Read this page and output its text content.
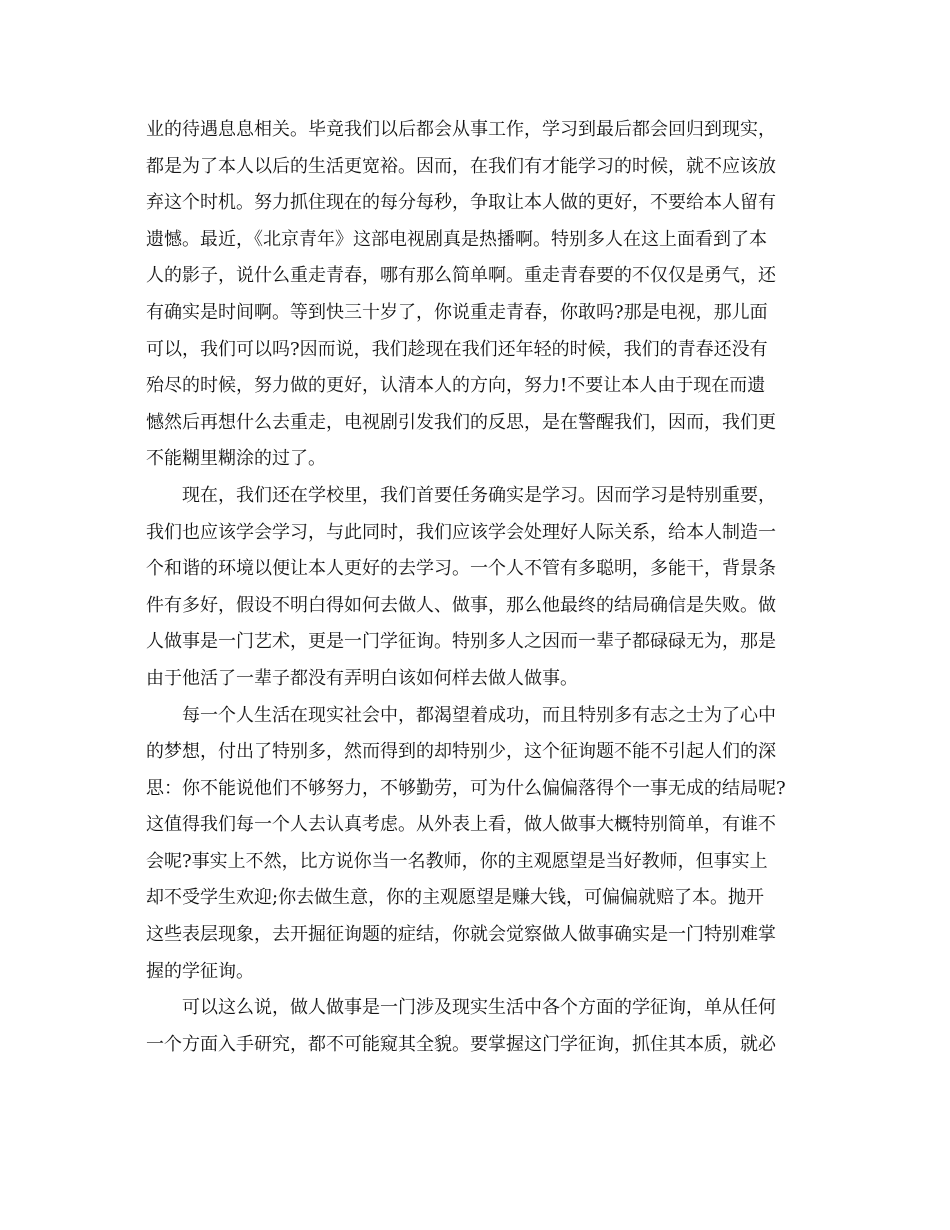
业的待遇息息相关。毕竟我们以后都会从事工作，学习到最后都会回归到现实，
都是为了本人以后的生活更宽裕。因而，在我们有才能学习的时候，就不应该放
弃这个时机。努力抓住现在的每分每秒，争取让本人做的更好，不要给本人留有
遗憾。最近，《北京青年》这部电视剧真是热播啊。特别多人在这上面看到了本
人的影子，说什么重走青春，哪有那么简单啊。重走青春要的不仅仅是勇气，还
有确实是时间啊。等到快三十岁了，你说重走青春，你敢吗?那是电视，那儿面
可以，我们可以吗?因而说，我们趁现在我们还年轻的时候，我们的青春还没有
殆尽的时候，努力做的更好，认清本人的方向，努力!不要让本人由于现在而遗
憾然后再想什么去重走，电视剧引发我们的反思，是在警醒我们，因而，我们更
不能糊里糊涂的过了。
现在，我们还在学校里，我们首要任务确实是学习。因而学习是特别重要，
我们也应该学会学习，与此同时，我们应该学会处理好人际关系，给本人制造一
个和谐的环境以便让本人更好的去学习。一个人不管有多聪明，多能干，背景条
件有多好，假设不明白得如何去做人、做事，那么他最终的结局确信是失败。做
人做事是一门艺术，更是一门学征询。特别多人之因而一辈子都碌碌无为，那是
由于他活了一辈子都没有弄明白该如何样去做人做事。
每一个人生活在现实社会中，都渴望着成功，而且特别多有志之士为了心中
的梦想，付出了特别多，然而得到的却特别少，这个征询题不能不引起人们的深
思：你不能说他们不够努力，不够勤劳，可为什么偏偏落得个一事无成的结局呢?
这值得我们每一个人去认真考虑。从外表上看，做人做事大概特别简单，有谁不
会呢?事实上不然，比方说你当一名教师，你的主观愿望是当好教师，但事实上
却不受学生欢迎;你去做生意，你的主观愿望是赚大钱，可偏偏就赔了本。抛开
这些表层现象，去开掘征询题的症结，你就会觉察做人做事确实是一门特别难掌
握的学征询。
可以这么说，做人做事是一门涉及现实生活中各个方面的学征询，单从任何
一个方面入手研究，都不可能窥其全貌。要掌握这门学征询，抓住其本质，就必
